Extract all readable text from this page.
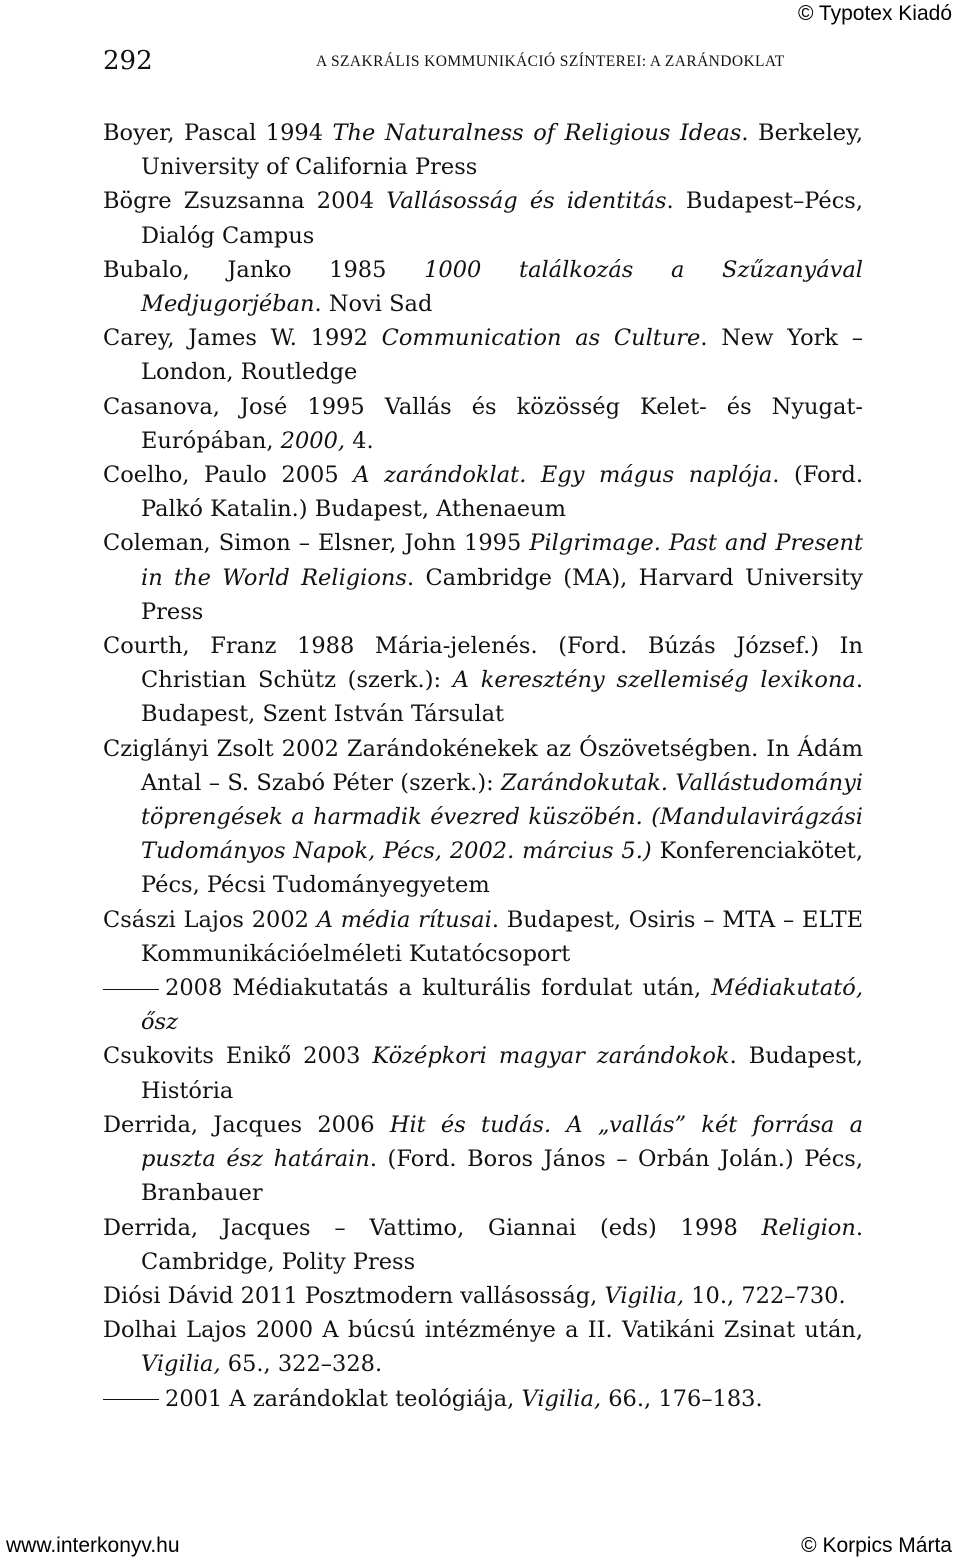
© Typotex Kiadó
292	A SZAKRÁLIS KOMMUNIKÁCIÓ SZÍNTEREI: A ZARÁNDOKLAT
Boyer, Pascal 1994 The Naturalness of Religious Ideas. Berkeley, University of California Press
Bögre Zsuzsanna 2004 Vallásosság és identitás. Budapest–Pécs, Dialóg Campus
Bubalo, Janko 1985 1000 találkozás a Szűzanyával Medjugorjéban. Novi Sad
Carey, James W. 1992 Communication as Culture. New York – London, Routledge
Casanova, José 1995 Vallás és közösség Kelet- és Nyugat-Európában, 2000, 4.
Coelho, Paulo 2005 A zarándoklat. Egy mágus naplója. (Ford. Palkó Katalin.) Budapest, Athenaeum
Coleman, Simon – Elsner, John 1995 Pilgrimage. Past and Present in the World Religions. Cambridge (MA), Harvard University Press
Courth, Franz 1988 Mária-jelenés. (Ford. Búzás József.) In Christian Schütz (szerk.): A keresztény szellemiség lexikona. Budapest, Szent István Társulat
Cziglányi Zsolt 2002 Zarándokénekek az Ószövetségben. In Ádám Antal – S. Szabó Péter (szerk.): Zarándokutak. Vallástudományi töprengések a harmadik évezred küszöbén. (Mandulavirágzási Tudományos Napok, Pécs, 2002. március 5.) Konferenciakötet, Pécs, Pécsi Tudományegyetem
Császi Lajos 2002 A média rítusai. Budapest, Osiris – MTA – ELTE Kommunikációelméleti Kutatócsoport
2008 Médiakutatás a kulturális fordulat után, Médiakutató, ősz
Csukovits Enikő 2003 Középkori magyar zarándokok. Budapest, História
Derrida, Jacques 2006 Hit és tudás. A „vallás” két forrása a puszta ész határain. (Ford. Boros János – Orbán Jolán.) Pécs, Branbauer
Derrida, Jacques – Vattimo, Giannai (eds) 1998 Religion. Cambridge, Polity Press
Diósi Dávid 2011 Posztmodern vallásosság, Vigilia, 10., 722–730.
Dolhai Lajos 2000 A búcsú intézménye a II. Vatikáni Zsinat után, Vigilia, 65., 322–328.
2001 A zarándoklat teológiája, Vigilia, 66., 176–183.
www.interkonyv.hu	© Korpics Márta
